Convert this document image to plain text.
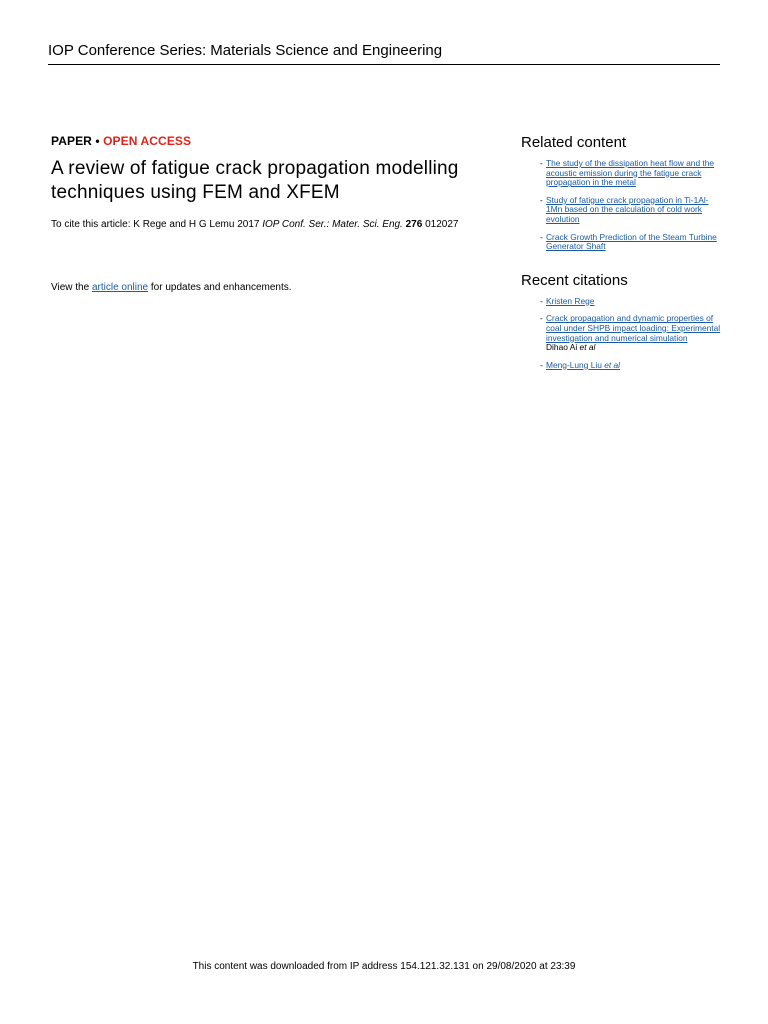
IOP Conference Series: Materials Science and Engineering
PAPER • OPEN ACCESS
A review of fatigue crack propagation modelling techniques using FEM and XFEM
To cite this article: K Rege and H G Lemu 2017 IOP Conf. Ser.: Mater. Sci. Eng. 276 012027
View the article online for updates and enhancements.
Related content
- The study of the dissipation heat flow and the acoustic emission during the fatigue crack propagation in the metal
- Study of fatigue crack propagation in Ti-1Al-1Mn based on the calculation of cold work evolution
- Crack Growth Prediction of the Steam Turbine Generator Shaft
Recent citations
- Kristen Rege
- Crack propagation and dynamic properties of coal under SHPB impact loading: Experimental investigation and numerical simulation
Dihao Ai et al
- Meng-Lung Liu et al
This content was downloaded from IP address 154.121.32.131 on 29/08/2020 at 23:39
